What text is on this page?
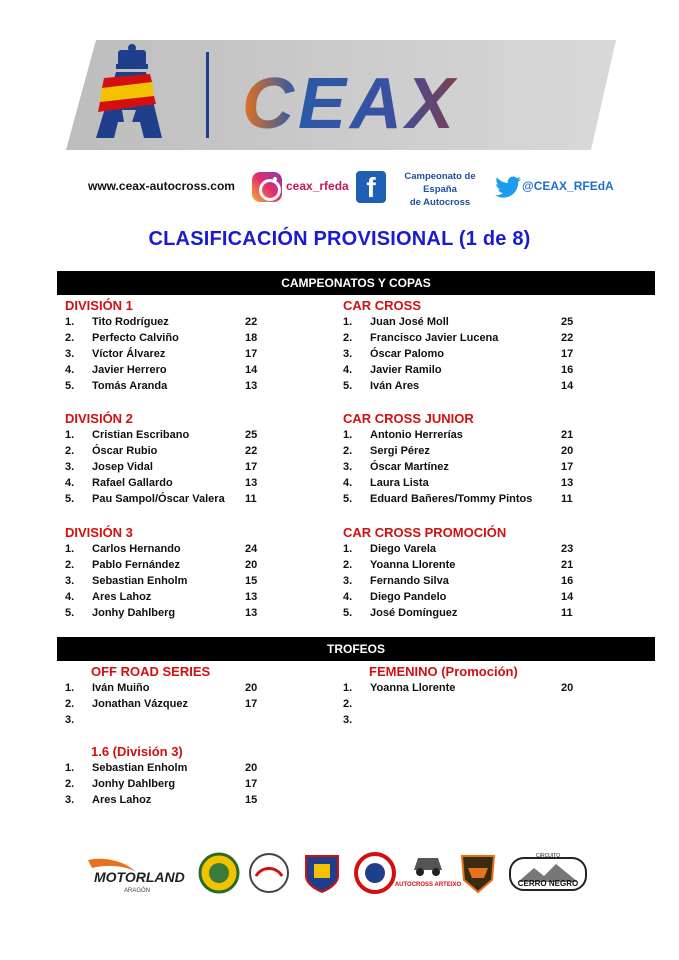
CEAX
www.ceax-autocross.com	ceax_rfeda f	Campeonato de España
de Autocross
@CEAX_RFEdA
CLASIFICACIÓN PROVISIONAL (1 de 8)
CAMPEONATOS Y COPAS
DIVISIÓN 1
1. Tito Rodríguez	22
2. Perfecto Calviño	18
3. Víctor Álvarez	17
4. Javier Herrero	14
5. Tomás Aranda	13
CAR CROSS
1. Juan José Moll	25
2. Francisco Javier Lucena	22
3. Óscar Palomo	17
4. Javier Ramilo	16
5. Iván Ares	14
DIVISIÓN 2
1. Cristian Escribano	25
2. Óscar Rubio	22
3. Josep Vidal	17
4. Rafael Gallardo	13
5. Pau Sampol/Óscar Valera 11
CAR CROSS JUNIOR
1. Antonio Herrerías	21
2. Sergi Pérez	20
3. Óscar Martínez	17
4. Laura Lista	13
5. Eduard Bañeres/Tommy Pintos	11
DIVISIÓN 3
1. Carlos Hernando	24
2. Pablo Fernández	20
3. Sebastian Enholm	15
4. Ares Lahoz	13
5. Jonhy Dahlberg	13
CAR CROSS PROMOCIÓN
1. Diego Varela	23
2. Yoanna Llorente	21
3. Fernando Silva	16
4. Diego Pandelo	14
5. José Domínguez	11
TROFEOS
OFF ROAD SERIES
1. Iván Muiño	20
2. Jonathan Vázquez	17
3.
FEMENINO (Promoción)
1. Yoanna Llorente	20
2.
3.
1.6 (División 3)
1. Sebastian Enholm	20
2. Jonhy Dahlberg	17
3. Ares Lahoz	15
MOTORLAND
ARAGÓN
AUTOCROSS ARTEIXO
CIRCUITO
CERRO NEGRO
